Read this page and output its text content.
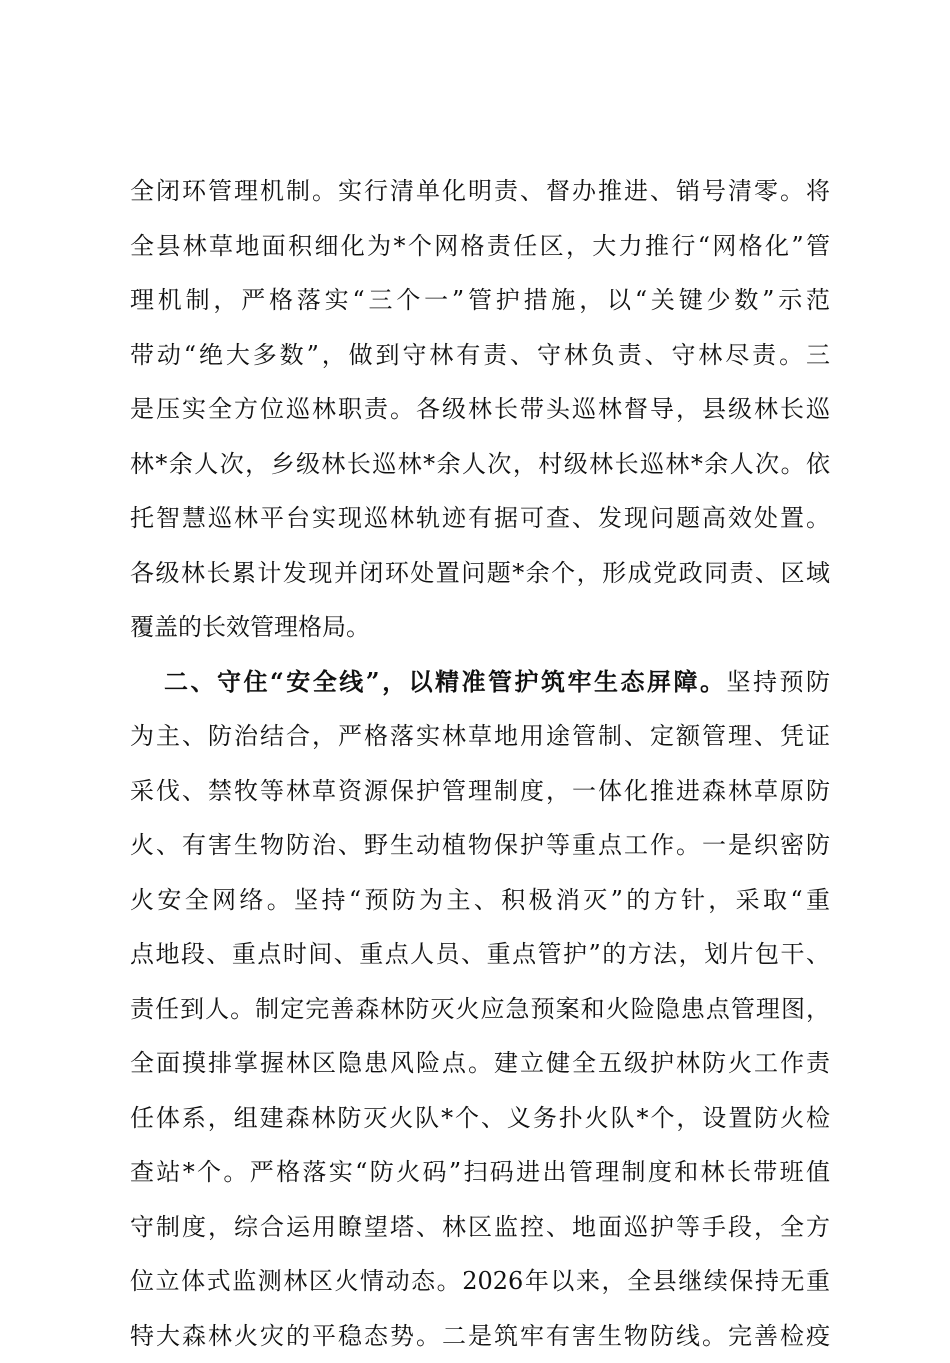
全闭环管理机制。实行清单化明责、督办推进、销号清零。将
全县林草地面积细化为*个网格责任区，大力推行“网格化”管
理机制，严格落实“三个一”管护措施，以“关键少数”示范
带动“绝大多数”，做到守林有责、守林负责、守林尽责。三
是压实全方位巡林职责。各级林长带头巡林督导，县级林长巡
林*余人次，乡级林长巡林*余人次，村级林长巡林*余人次。依
托智慧巡林平台实现巡林轨迹有据可查、发现问题高效处置。
各级林长累计发现并闭环处置问题*余个，形成党政同责、区域
覆盖的长效管理格局。
二、守住“安全线”，以精准管护筑牢生态屏障。坚持预防
为主、防治结合，严格落实林草地用途管制、定额管理、凭证
采伐、禁牧等林草资源保护管理制度，一体化推进森林草原防
火、有害生物防治、野生动植物保护等重点工作。一是织密防
火安全网络。坚持“预防为主、积极消灭”的方针，采取“重
点地段、重点时间、重点人员、重点管护”的方法，划片包干、
责任到人。制定完善森林防灭火应急预案和火险隐患点管理图，
全面摸排掌握林区隐患风险点。建立健全五级护林防火工作责
任体系，组建森林防灭火队*个、义务扑火队*个，设置防火检
查站*个。严格落实“防火码”扫码进出管理制度和林长带班值
守制度，综合运用瞭望塔、林区监控、地面巡护等手段，全方
位立体式监测林区火情动态。2026年以来，全县继续保持无重
特大森林火灾的平稳态势。二是筑牢有害生物防线。完善检疫
